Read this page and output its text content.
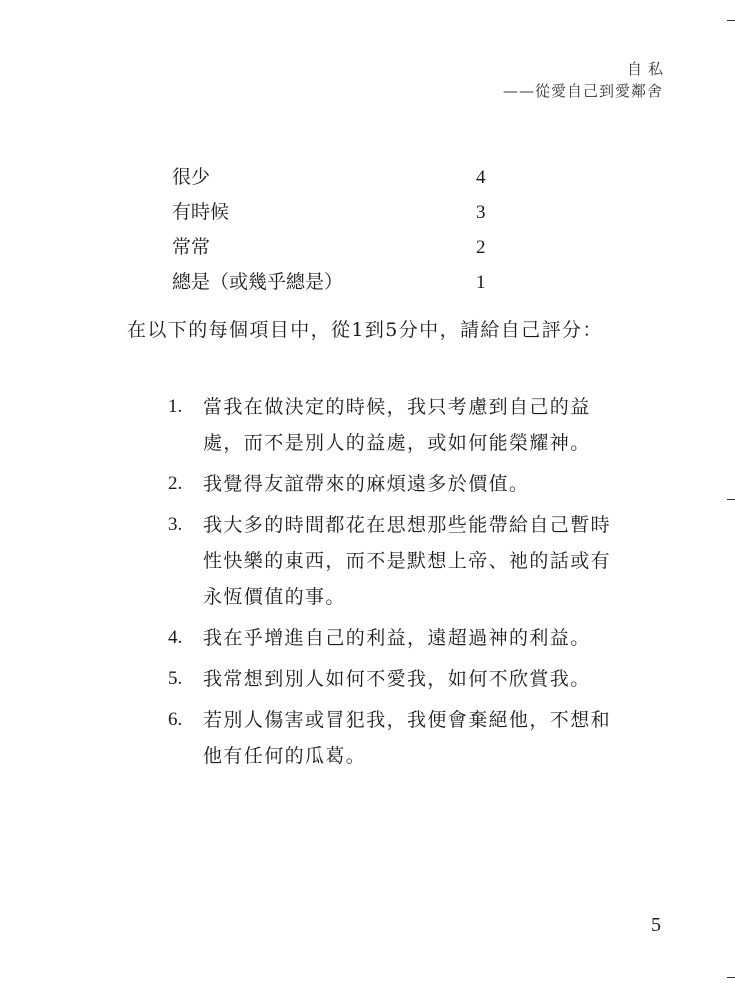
自私
——從愛自己到愛鄰舍
很少	4
有時候	3
常常	2
總是（或幾乎總是）	1

在以下的每個項目中，從1到5分中，請給自己評分：

1. 當我在做決定的時候，我只考慮到自己的益處，而不是別人的益處，或如何能榮耀神。
2. 我覺得友誼帶來的麻煩遠多於價值。
3. 我大多的時間都花在思想那些能帶給自己暫時性快樂的東西，而不是默想上帝、祂的話或有永恆價值的事。
4. 我在乎增進自己的利益，遠超過神的利益。
5. 我常想到別人如何不愛我，如何不欣賞我。
6. 若別人傷害或冒犯我，我便會棄絕他，不想和他有任何的瓜葛。
5
